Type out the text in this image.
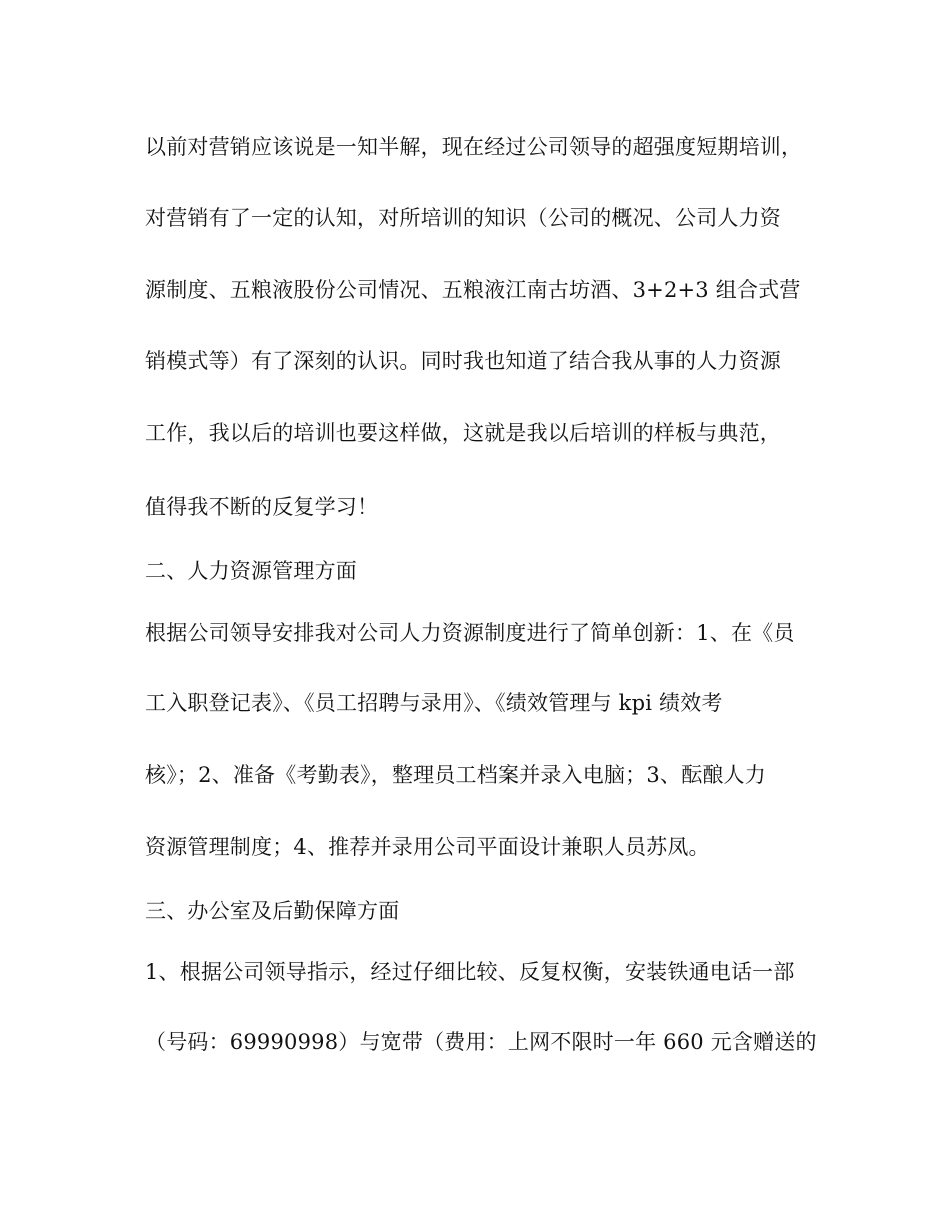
以前对营销应该说是一知半解，现在经过公司领导的超强度短期培训，
对营销有了一定的认知，对所培训的知识（公司的概况、公司人力资
源制度、五粮液股份公司情况、五粮液江南古坊酒、3+2+3 组合式营
销模式等）有了深刻的认识。同时我也知道了结合我从事的人力资源
工作，我以后的培训也要这样做，这就是我以后培训的样板与典范，
值得我不断的反复学习！
二、人力资源管理方面
根据公司领导安排我对公司人力资源制度进行了简单创新：1、在《员
工入职登记表》、《员工招聘与录用》、《绩效管理与 kpi 绩效考
核》；2、准备《考勤表》，整理员工档案并录入电脑；3、酝酿人力
资源管理制度；4、推荐并录用公司平面设计兼职人员苏凤。
三、办公室及后勤保障方面
1、根据公司领导指示，经过仔细比较、反复权衡，安装铁通电话一部
（号码：69990998）与宽带（费用：上网不限时一年 660 元含赠送的
